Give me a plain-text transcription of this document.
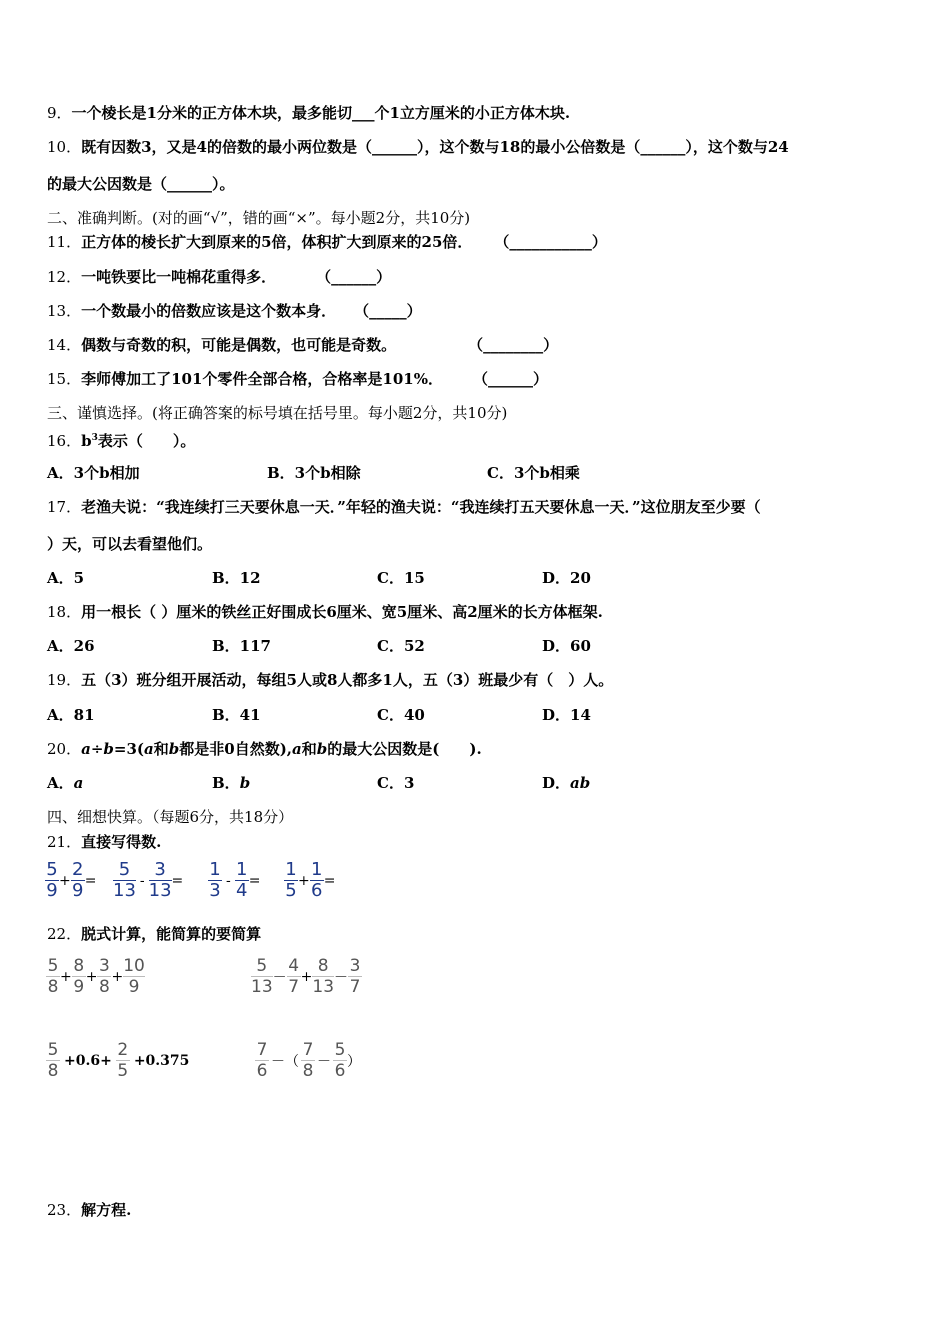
9．一个棱长是1分米的正方体木块，最多能切___个1立方厘米的小正方体木块.
10．既有因数3，又是4的倍数的最小两位数是（______），这个数与18的最小公倍数是（______），这个数与24
的最大公因数是（______）。
二、准确判断。(对的画“√”，错的画“×”。每小题2分，共10分)
11．正方体的棱长扩大到原来的5倍，体积扩大到原来的25倍． （___________）
12．一吨铁要比一吨棉花重得多．	（______）
13．一个数最小的倍数应该是这个数本身． （_____）
14．偶数与奇数的积，可能是偶数，也可能是奇数。	（________）
15．李师傅加工了101个零件全部合格，合格率是101%． （______）
三、谨慎选择。(将正确答案的标号填在括号里。每小题2分，共10分)
16．$b^3$表示（　　）。
A．3个b相加	B．3个b相除	C．3个b相乘
17．老渔夫说：“我连续打三天要休息一天．”年轻的渔夫说：“我连续打五天要休息一天．”这位朋友至少要（
）天，可以去看望他们。
A．5	B．12	C．15	D．20
18．用一根长（ ）厘米的铁丝正好围成长6厘米、宽5厘米、高2厘米的长方体框架.
A．26	B．117	C．52	D．60
19．五（3）班分组开展活动，每组5人或8人都多1人，五（3）班最少有（　）人。
A．81	B．41	C．40	D．14
20．a÷b=3(a和b都是非0自然数),a和b的最大公因数是(　　).
A．a	B．b	C．3	D．ab
四、细想快算。（每题6分，共18分）
21．直接写得数.
$\frac{5}{9} + \frac{2}{9} = \frac{5}{13} - \frac{3}{13} = \frac{1}{3} - \frac{1}{4} = \frac{1}{5} + \frac{1}{6}$ =
22．脱式计算，能简算的要简算
$\frac{5}{8} + \frac{8}{9} + \frac{3}{8} + \frac{10}{9}$	$\frac{5}{13} - \frac{4}{7} + \frac{8}{13} - \frac{3}{7}$
$\frac{5}{8} +0.6+ \frac{2}{5} +0.375$	$\frac{7}{6}$ －（ $\frac{7}{8} - \frac{5}{6}$ ）
23．解方程.
